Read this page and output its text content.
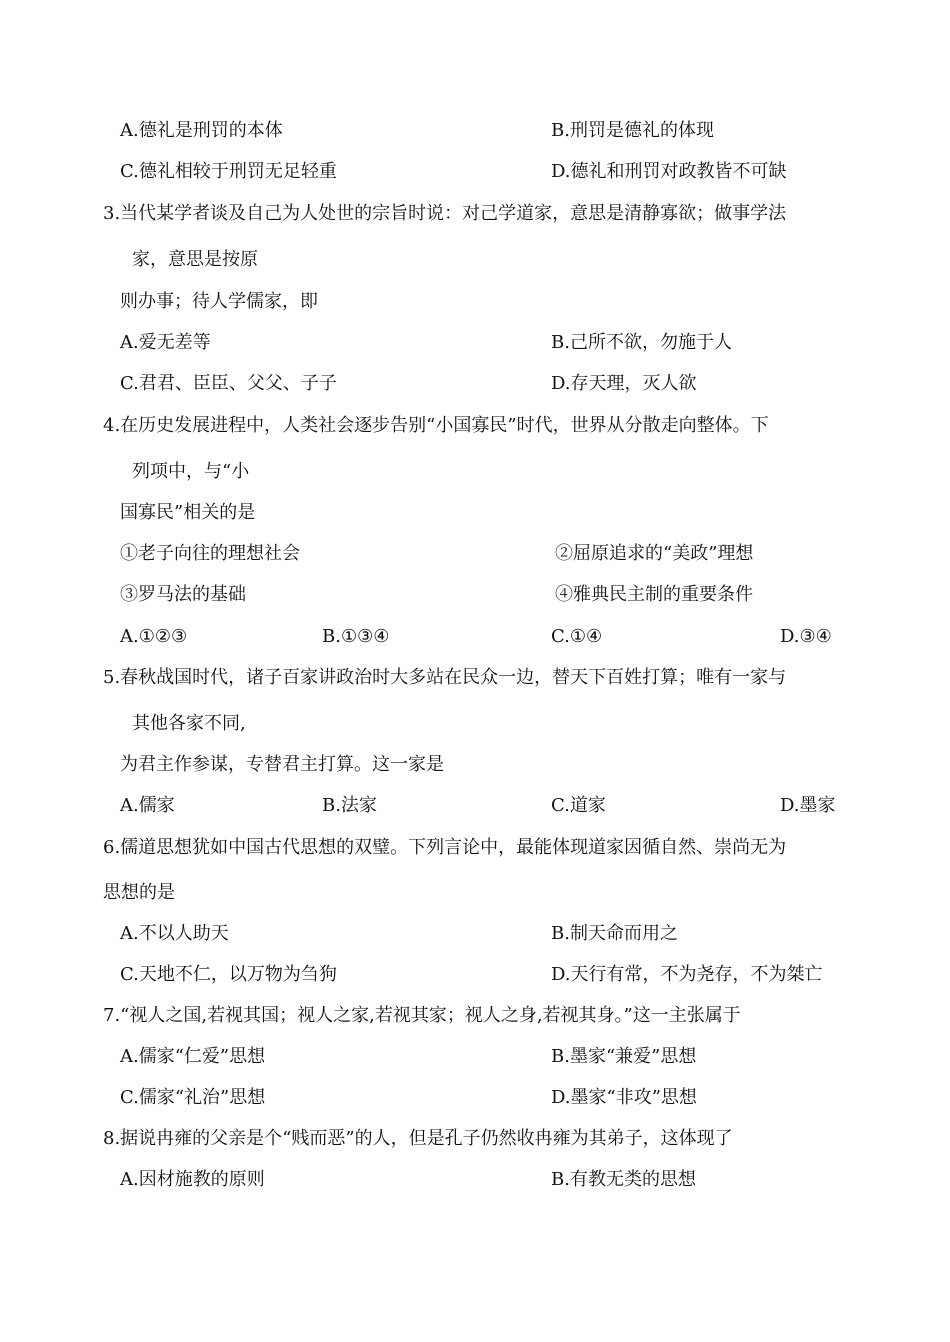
A.德礼是刑罚的本体	B.刑罚是德礼的体现
C.德礼相较于刑罚无足轻重	D.德礼和刑罚对政教皆不可缺
3.当代某学者谈及自己为人处世的宗旨时说：对己学道家，意思是清静寡欲；做事学法
家，意思是按原
则办事；待人学儒家，即
A.爱无差等	B.己所不欲，勿施于人
C.君君、臣臣、父父、子子	D.存天理，灭人欲
4.在历史发展进程中，人类社会逐步告别“小国寡民”时代，世界从分散走向整体。下
列项中，与“小
国寡民”相关的是
①老子向往的理想社会	②屈原追求的“美政”理想
③罗马法的基础	④雅典民主制的重要条件
A.①②③	B.①③④	C.①④	D.③④
5.春秋战国时代，诸子百家讲政治时大多站在民众一边，替天下百姓打算；唯有一家与
其他各家不同,
为君主作参谋，专替君主打算。这一家是
A.儒家	B.法家	C.道家	D.墨家
6.儒道思想犹如中国古代思想的双璧。下列言论中，最能体现道家因循自然、崇尚无为
思想的是
A.不以人助天	B.制天命而用之
C.天地不仁，以万物为刍狗	D.天行有常，不为尧存，不为桀亡
7.“视人之国,若视其国；视人之家,若视其家；视人之身,若视其身。”这一主张属于
A.儒家“仁爱”思想	B.墨家“兼爱”思想
C.儒家“礼治”思想	D.墨家“非攻”思想
8.据说冉雍的父亲是个“贱而恶”的人，但是孔子仍然收冉雍为其弟子，这体现了
A.因材施教的原则	B.有教无类的思想
